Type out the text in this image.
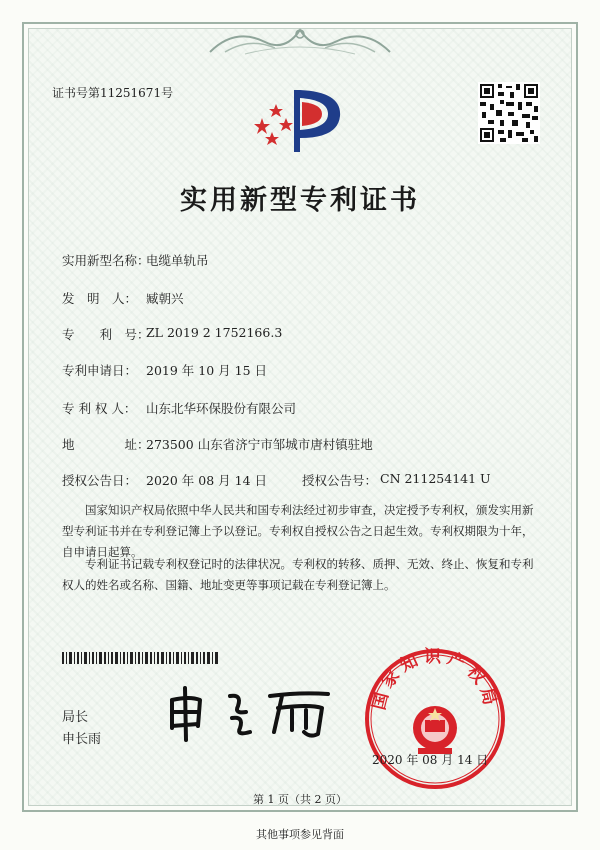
证书号第11251671号
实用新型专利证书
实用新型名称：
电缆单轨吊
发　明　人： 臧朝兴
专　　利　号：
ZL 2019 2 1752166.3
专利申请日： 2019 年 10 月 15 日
专 利 权 人： 山东北华环保股份有限公司
地　　　　址：
273500 山东省济宁市邹城市唐村镇驻地
授权公告日： 2020 年 08 月 14 日	授权公告号： CN 211254141 U
国家知识产权局依照中华人民共和国专利法经过初步审查，决定授予专利权，颁发实用新型专利证书并在专利登记簿上予以登记。专利权自授权公告之日起生效。专利权期限为十年，自申请日起算。
专利证书记载专利权登记时的法律状况。专利权的转移、质押、无效、终止、恢复和专利权人的姓名或名称、国籍、地址变更等事项记载在专利登记簿上。
局长
申长雨
国家知识产权局
2020 年 08 月 14 日
第 1 页（共 2 页）
其他事项参见背面
